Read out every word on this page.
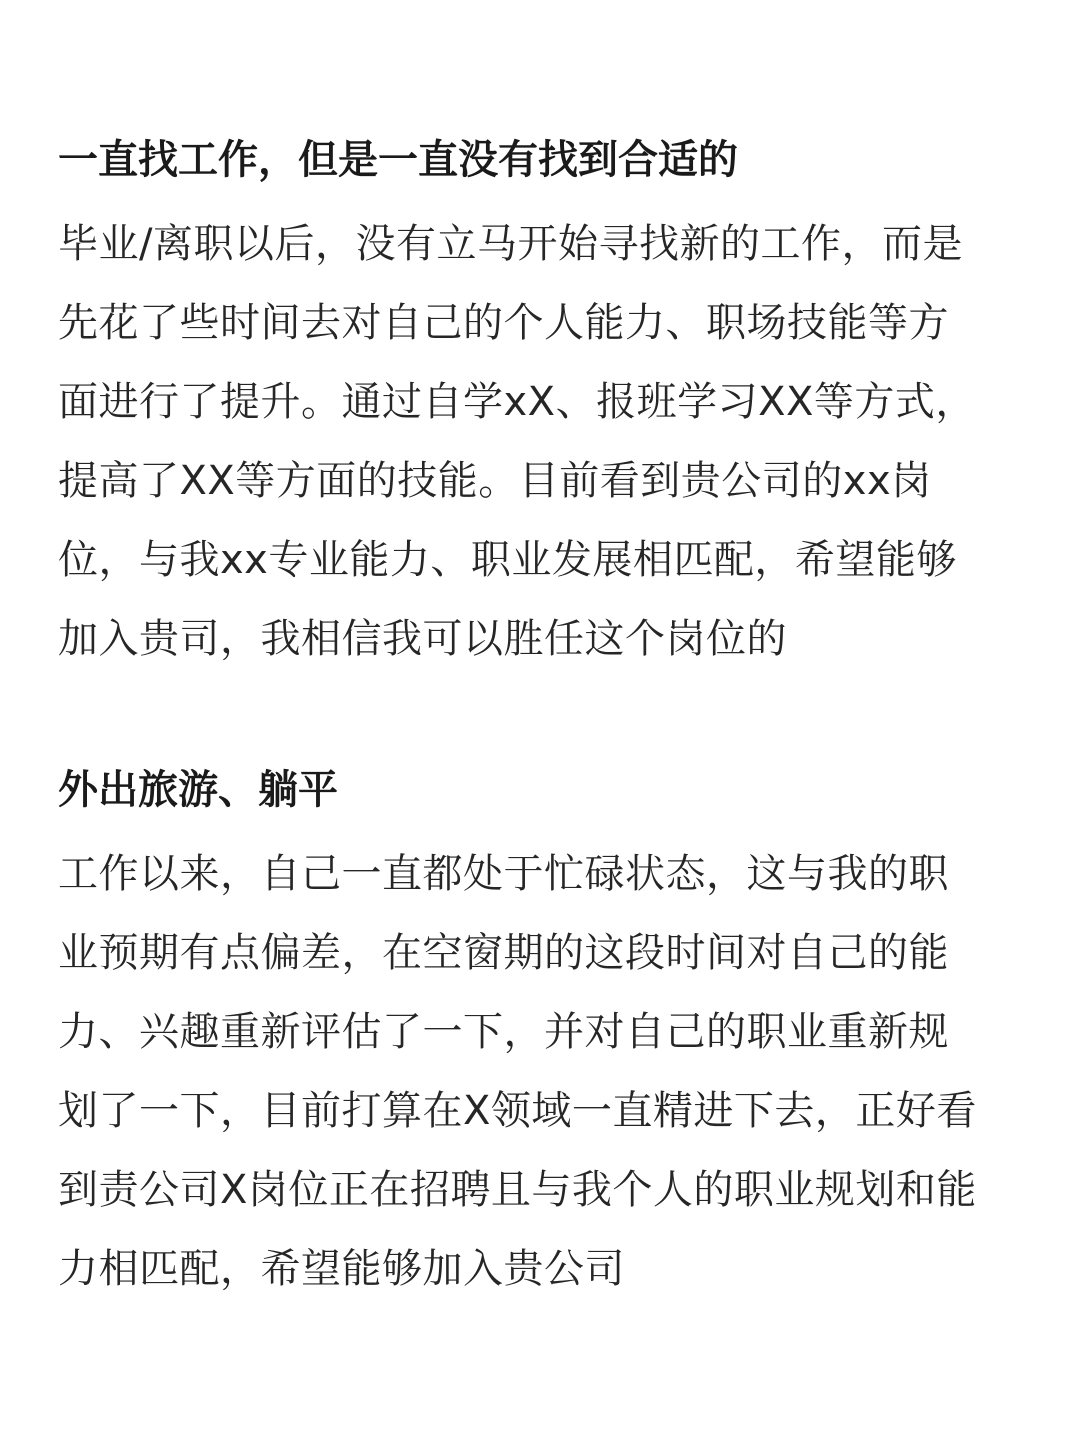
一直找工作，但是一直没有找到合适的
毕业/离职以后，没有立马开始寻找新的工作，而是
先花了些时间去对自己的个人能力、职场技能等方
面进行了提升。通过自学xX、报班学习XX等方式，
提高了XX等方面的技能。目前看到贵公司的xx岗
位，与我xx专业能力、职业发展相匹配，希望能够
加入贵司，我相信我可以胜任这个岗位的
外出旅游、躺平
工作以来，自己一直都处于忙碌状态，这与我的职
业预期有点偏差，在空窗期的这段时间对自己的能
力、兴趣重新评估了一下，并对自己的职业重新规
划了一下，目前打算在X领域一直精进下去，正好看
到责公司X岗位正在招聘且与我个人的职业规划和能
力相匹配，希望能够加入贵公司
